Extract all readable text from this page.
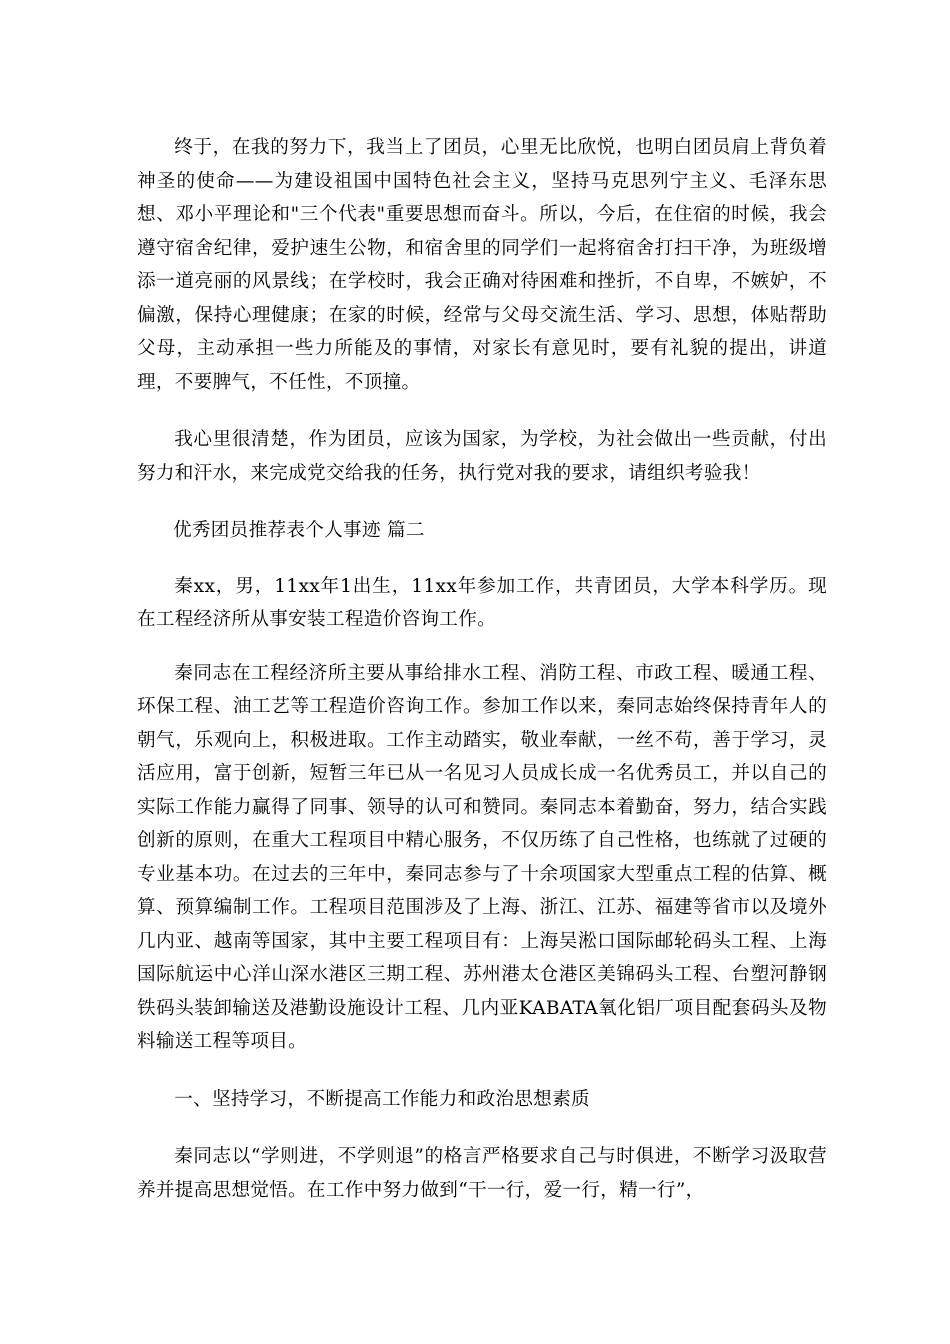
终于，在我的努力下，我当上了团员，心里无比欣悦，也明白团员肩上背负着神圣的使命——为建设祖国中国特色社会主义，坚持马克思列宁主义、毛泽东思想、邓小平理论和"三个代表"重要思想而奋斗。所以，今后，在住宿的时候，我会遵守宿舍纪律，爱护速生公物，和宿舍里的同学们一起将宿舍打扫干净，为班级增添一道亮丽的风景线；在学校时，我会正确对待困难和挫折，不自卑，不嫉妒，不偏激，保持心理健康；在家的时候，经常与父母交流生活、学习、思想，体贴帮助父母，主动承担一些力所能及的事情，对家长有意见时，要有礼貌的提出，讲道理，不要脾气，不任性，不顶撞。

我心里很清楚，作为团员，应该为国家，为学校，为社会做出一些贡献，付出努力和汗水，来完成党交给我的任务，执行党对我的要求，请组织考验我！

优秀团员推荐表个人事迹 篇二

秦xx，男，11xx年1出生，11xx年参加工作，共青团员，大学本科学历。现在工程经济所从事安装工程造价咨询工作。

秦同志在工程经济所主要从事给排水工程、消防工程、市政工程、暖通工程、环保工程、油工艺等工程造价咨询工作。参加工作以来，秦同志始终保持青年人的朝气，乐观向上，积极进取。工作主动踏实，敬业奉献，一丝不苟，善于学习，灵活应用，富于创新，短暂三年已从一名见习人员成长成一名优秀员工，并以自己的实际工作能力赢得了同事、领导的认可和赞同。秦同志本着勤奋，努力，结合实践创新的原则，在重大工程项目中精心服务，不仅历练了自己性格，也练就了过硬的专业基本功。在过去的三年中，秦同志参与了十余项国家大型重点工程的估算、概算、预算编制工作。工程项目范围涉及了上海、浙江、江苏、福建等省市以及境外几内亚、越南等国家，其中主要工程项目有：上海吴淞口国际邮轮码头工程、上海国际航运中心洋山深水港区三期工程、苏州港太仓港区美锦码头工程、台塑河静钢铁码头装卸输送及港勤设施设计工程、几内亚KABATA氧化铝厂项目配套码头及物料输送工程等项目。

一、坚持学习，不断提高工作能力和政治思想素质

秦同志以“学则进，不学则退”的格言严格要求自己与时俱进，不断学习汲取营养并提高思想觉悟。在工作中努力做到“干一行，爱一行，精一行”，
